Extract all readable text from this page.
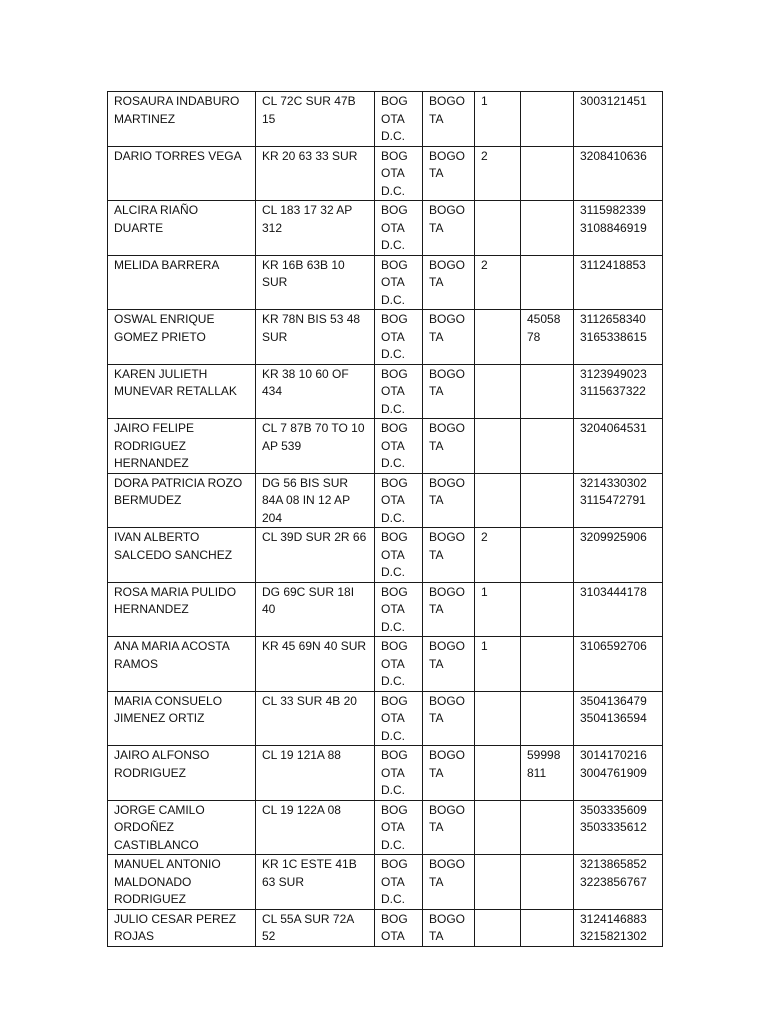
ROSAURA INDABURO MARTINEZ	CL 72C SUR 47B 15	BOG
OTA
D.C.	BOGO
TA	1		3003121451
DARIO TORRES VEGA	KR 20 63 33 SUR	BOG
OTA
D.C.	BOGO
TA	2		3208410636
ALCIRA RIAÑO DUARTE	CL 183 17 32 AP 312	BOG
OTA
D.C.	BOGO
TA			3115982339
3108846919
MELIDA BARRERA	KR 16B 63B 10 SUR	BOG
OTA
D.C.	BOGO
TA	2		3112418853
OSWAL ENRIQUE GOMEZ PRIETO	KR 78N BIS 53 48 SUR	BOG
OTA
D.C.	BOGO
TA		45058
78	3112658340
3165338615
KAREN JULIETH MUNEVAR RETALLAK	KR 38 10 60 OF 434	BOG
OTA
D.C.	BOGO
TA			3123949023
3115637322
JAIRO FELIPE RODRIGUEZ HERNANDEZ	CL 7 87B 70 TO 10 AP 539	BOG
OTA
D.C.	BOGO
TA			3204064531
DORA PATRICIA ROZO BERMUDEZ	DG 56 BIS SUR 84A 08 IN 12 AP 204	BOG
OTA
D.C.	BOGO
TA			3214330302
3115472791
IVAN ALBERTO SALCEDO SANCHEZ	CL 39D SUR 2R 66	BOG
OTA
D.C.	BOGO
TA	2		3209925906
ROSA MARIA PULIDO HERNANDEZ	DG 69C SUR 18I 40	BOG
OTA
D.C.	BOGO
TA	1		3103444178
ANA MARIA ACOSTA RAMOS	KR 45 69N 40 SUR	BOG
OTA
D.C.	BOGO
TA	1		3106592706
MARIA CONSUELO JIMENEZ ORTIZ	CL 33 SUR 4B 20	BOG
OTA
D.C.	BOGO
TA			3504136479
3504136594
JAIRO ALFONSO RODRIGUEZ	CL 19 121A 88	BOG
OTA
D.C.	BOGO
TA		59998
811	3014170216
3004761909
JORGE CAMILO ORDOÑEZ CASTIBLANCO	CL 19 122A 08	BOG
OTA
D.C.	BOGO
TA			3503335609
3503335612
MANUEL ANTONIO MALDONADO RODRIGUEZ	KR 1C ESTE 41B 63 SUR	BOG
OTA
D.C.	BOGO
TA			3213865852
3223856767
JULIO CESAR PEREZ ROJAS	CL 55A SUR 72A 52	BOG
OTA	BOGO
TA			3124146883
3215821302
